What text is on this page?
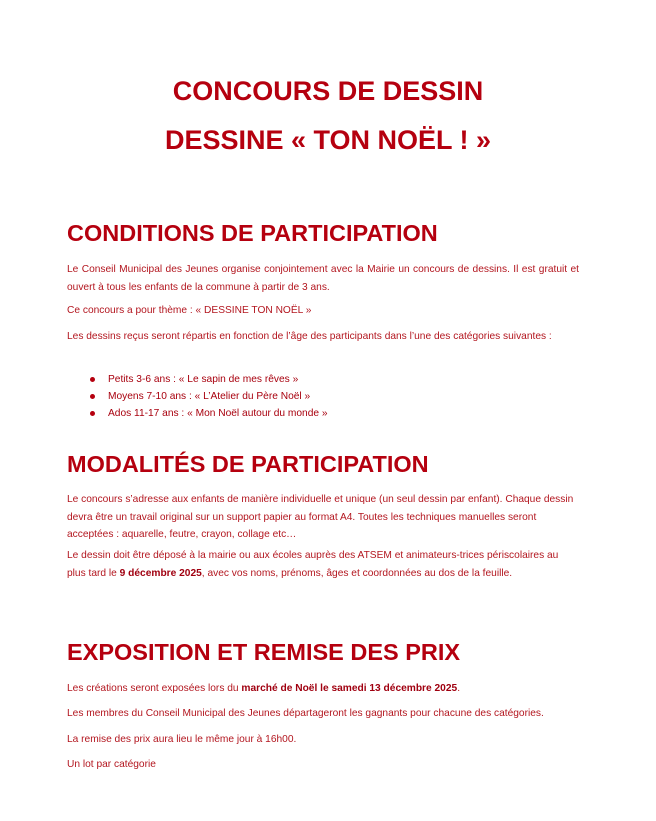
CONCOURS DE DESSIN
DESSINE « TON NOËL ! »
CONDITIONS DE PARTICIPATION

Le Conseil Municipal des Jeunes organise conjointement avec la Mairie un concours de dessins. Il est gratuit et ouvert à tous les enfants de la commune à partir de 3 ans.

Ce concours a pour thème : « DESSINE TON NOËL »

Les dessins reçus seront répartis en fonction de l’âge des participants dans l’une des catégories suivantes :

Petits 3-6 ans : « Le sapin de mes rêves »
Moyens 7-10 ans : « L’Atelier du Père Noël »
Ados 11-17 ans : « Mon Noël autour du monde »
MODALITÉS DE PARTICIPATION

Le concours s’adresse aux enfants de manière individuelle et unique (un seul dessin par enfant). Chaque dessin devra être un travail original sur un support papier au format A4. Toutes les techniques manuelles seront acceptées : aquarelle, feutre, crayon, collage etc…

Le dessin doit être déposé à la mairie ou aux écoles auprès des ATSEM et animateurs-trices périscolaires au plus tard le 9 décembre 2025, avec vos noms, prénoms, âges et coordonnées au dos de la feuille.

EXPOSITION ET REMISE DES PRIX

Les créations seront exposées lors du marché de Noël le samedi 13 décembre 2025.

Les membres du Conseil Municipal des Jeunes départageront les gagnants pour chacune des catégories.

La remise des prix aura lieu le même jour à 16h00.

Un lot par catégorie
